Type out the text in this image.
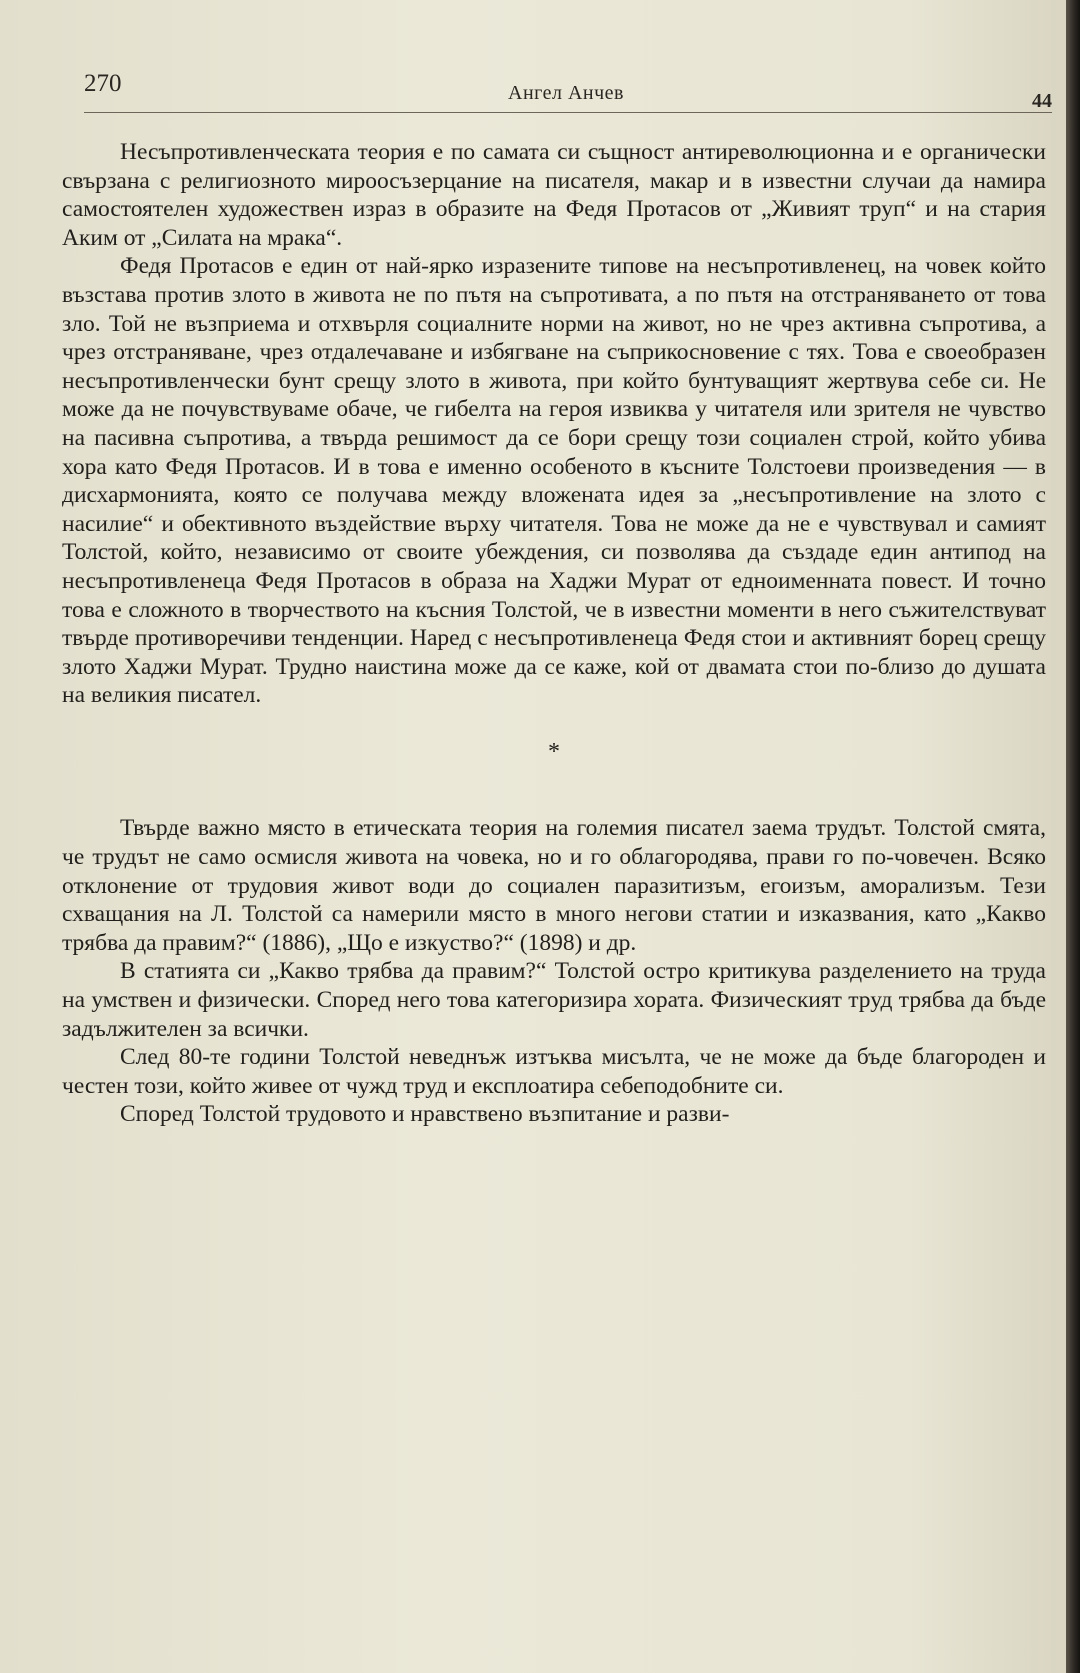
270	Ангел Анчев	44

Несъпротивленческата теория е по самата си същност антиреволюционна и е органически свързана с религиозното мироосъзерцание на писателя, макар и в известни случаи да намира самостоятелен художествен израз в образите на Федя Протасов от „Живият труп“ и на стария Аким от „Силата на мрака“.

Федя Протасов е един от най-ярко изразените типове на несъпротивленец, на човек който възстава против злото в живота не по пътя на съпротивата, а по пътя на отстраняването от това зло. Той не възприема и отхвърля социалните норми на живот, но не чрез активна съпротива, а чрез отстраняване, чрез отдалечаване и избягване на съприкосновение с тях. Това е своеобразен несъпротивленчески бунт срещу злото в живота, при който бунтуващият жертвува себе си. Не може да не почувствуваме обаче, че гибелта на героя извиква у читателя или зрителя не чувство на пасивна съпротива, а твърда решимост да се бори срещу този социален строй, който убива хора като Федя Протасов. И в това е именно особеното в късните Толстоеви произведения — в дисхармонията, която се получава между вложената идея за „несъпротивление на злото с насилие“ и обективното въздействие върху читателя. Това не може да не е чувствувал и самият Толстой, който, независимо от своите убеждения, си позволява да създаде един антипод на несъпротивленеца Федя Протасов в образа на Хаджи Мурат от едноименната повест. И точно това е сложното в творчеството на късния Толстой, че в известни моменти в него съжителствуват твърде противоречиви тенденции. Наред с несъпротивленеца Федя стои и активният борец срещу злото Хаджи Мурат. Трудно наистина може да се каже, кой от двамата стои по-близо до душата на великия писател.

*

Твърде важно място в етическата теория на големия писател заема трудът. Толстой смята, че трудът не само осмисля живота на човека, но и го облагородява, прави го по-човечен. Всяко отклонение от трудовия живот води до социален паразитизъм, егоизъм, аморализъм. Тези схващания на Л. Толстой са намерили място в много негови статии и изказвания, като „Какво трябва да правим?“ (1886), „Що е изкуство?“ (1898) и др.

В статията си „Какво трябва да правим?“ Толстой остро критикува разделението на труда на умствен и физически. Според него това категоризира хората. Физическият труд трябва да бъде задължителен за всички.

След 80-те години Толстой неведнъж изтъква мисълта, че не може да бъде благороден и честен този, който живее от чужд труд и експлоатира себеподобните си.

Според Толстой трудовото и нравствено възпитание и разви-
